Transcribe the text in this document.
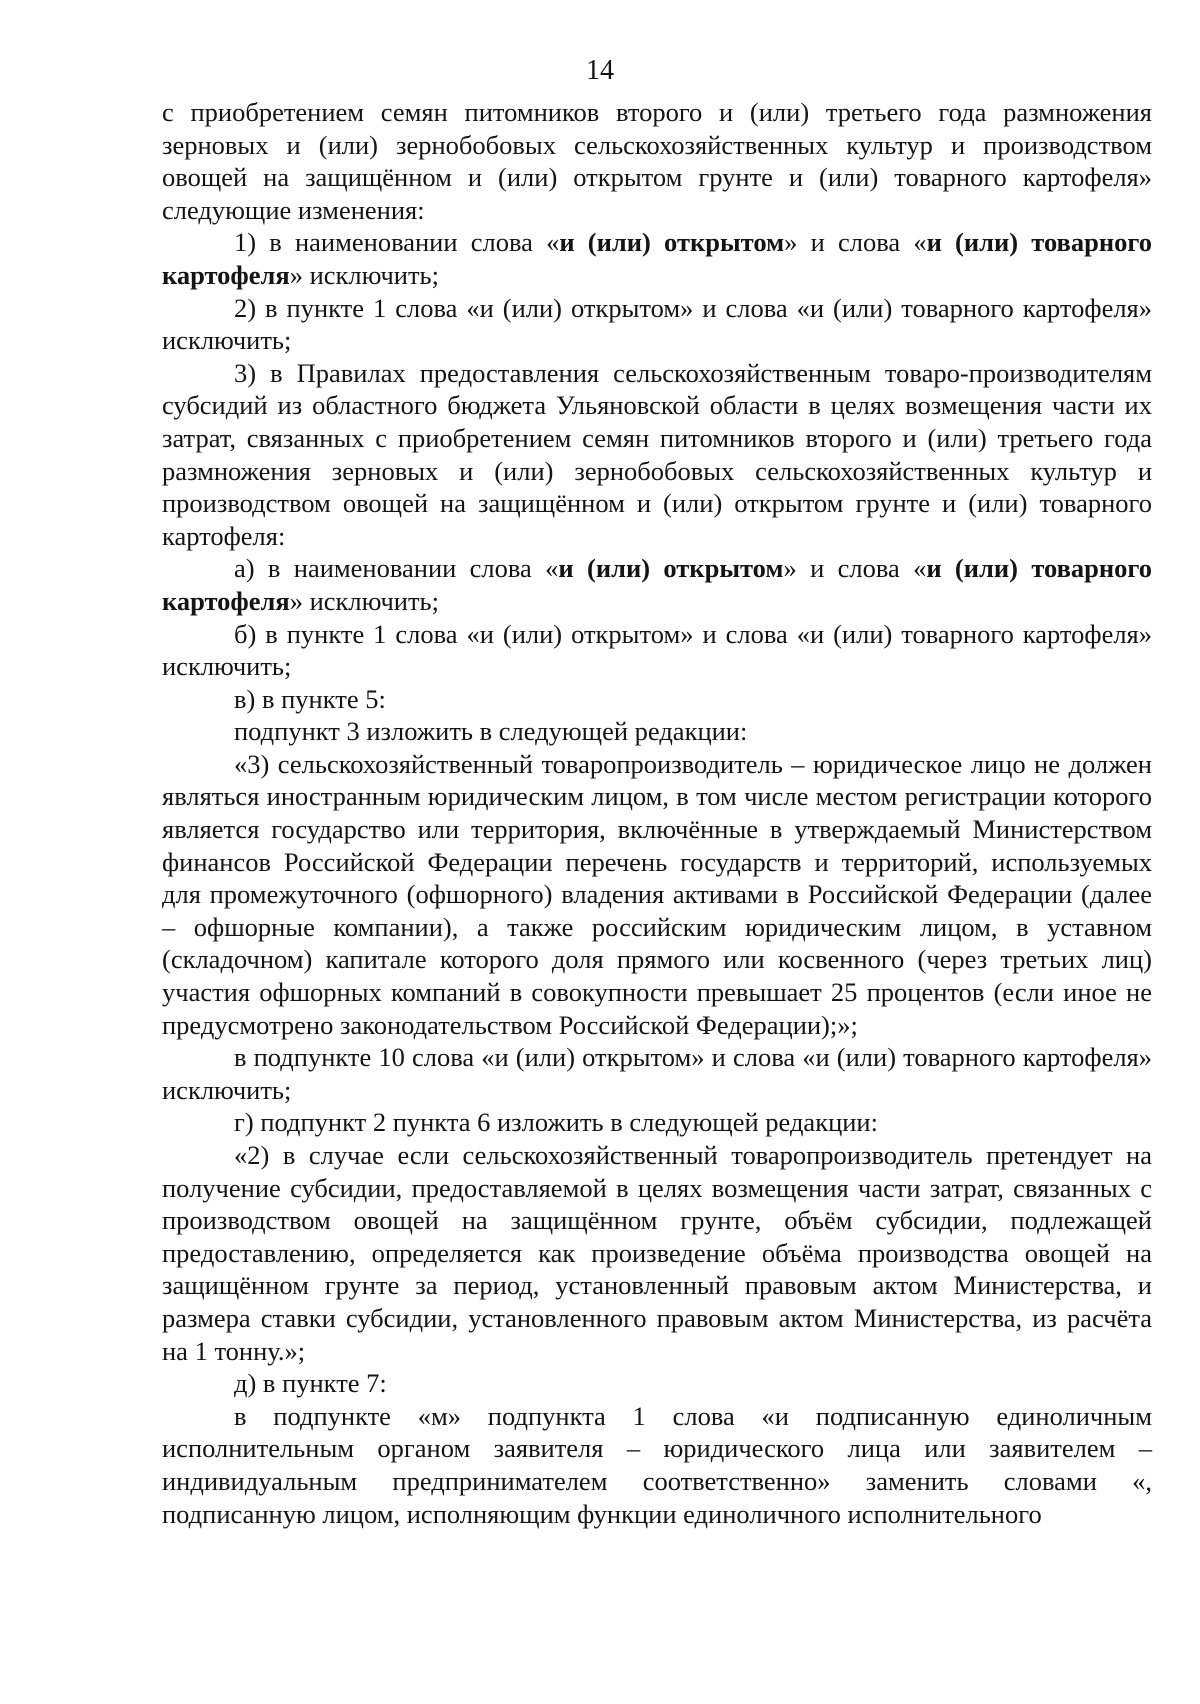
14

с приобретением семян питомников второго и (или) третьего года размножения зерновых и (или) зернобобовых сельскохозяйственных культур и производством овощей на защищённом и (или) открытом грунте и (или) товарного картофеля» следующие изменения:

1) в наименовании слова «и (или) открытом» и слова «и (или) товарного картофеля» исключить;

2) в пункте 1 слова «и (или) открытом» и слова «и (или) товарного картофеля» исключить;

3) в Правилах предоставления сельскохозяйственным товаро-производителям субсидий из областного бюджета Ульяновской области в целях возмещения части их затрат, связанных с приобретением семян питомников второго и (или) третьего года размножения зерновых и (или) зернобобовых сельскохозяйственных культур и производством овощей на защищённом и (или) открытом грунте и (или) товарного картофеля:

а) в наименовании слова «и (или) открытом» и слова «и (или) товарного картофеля» исключить;

б) в пункте 1 слова «и (или) открытом» и слова «и (или) товарного картофеля» исключить;

в) в пункте 5:

подпункт 3 изложить в следующей редакции:

«3) сельскохозяйственный товаропроизводитель – юридическое лицо не должен являться иностранным юридическим лицом, в том числе местом регистрации которого является государство или территория, включённые в утверждаемый Министерством финансов Российской Федерации перечень государств и территорий, используемых для промежуточного (офшорного) владения активами в Российской Федерации (далее – офшорные компании), а также российским юридическим лицом, в уставном (складочном) капитале которого доля прямого или косвенного (через третьих лиц) участия офшорных компаний в совокупности превышает 25 процентов (если иное не предусмотрено законодательством Российской Федерации);»;

в подпункте 10 слова «и (или) открытом» и слова «и (или) товарного картофеля» исключить;

г) подпункт 2 пункта 6 изложить в следующей редакции:

«2) в случае если сельскохозяйственный товаропроизводитель претендует на получение субсидии, предоставляемой в целях возмещения части затрат, связанных с производством овощей на защищённом грунте, объём субсидии, подлежащей предоставлению, определяется как произведение объёма производства овощей на защищённом грунте за период, установленный правовым актом Министерства, и размера ставки субсидии, установленного правовым актом Министерства, из расчёта на 1 тонну.»;

д) в пункте 7:

в подпункте «м» подпункта 1 слова «и подписанную единоличным исполнительным органом заявителя – юридического лица или заявителем – индивидуальным предпринимателем соответственно» заменить словами «, подписанную лицом, исполняющим функции единоличного исполнительного
